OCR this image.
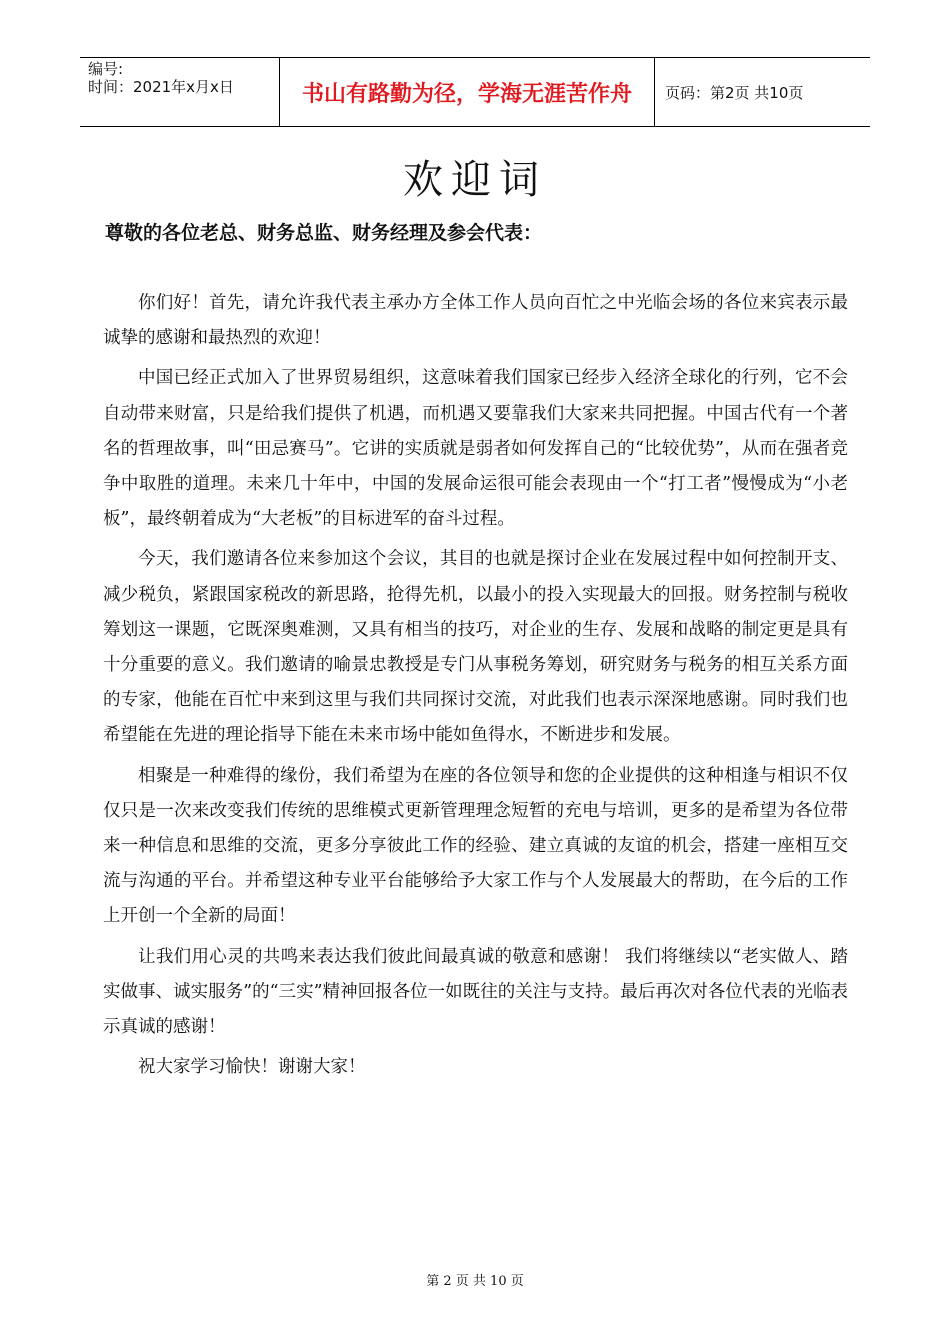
编号:
时间：2021年x月x日	书山有路勤为径，学海无涯苦作舟	页码：第2页 共10页
欢迎词
尊敬的各位老总、财务总监、财务经理及参会代表：

你们好！首先，请允许我代表主承办方全体工作人员向百忙之中光临会场的各位来宾表示最诚挚的感谢和最热烈的欢迎！

中国已经正式加入了世界贸易组织，这意味着我们国家已经步入经济全球化的行列，它不会自动带来财富，只是给我们提供了机遇，而机遇又要靠我们大家来共同把握。中国古代有一个著名的哲理故事，叫“田忌赛马”。它讲的实质就是弱者如何发挥自己的“比较优势”，从而在强者竞争中取胜的道理。未来几十年中，中国的发展命运很可能会表现由一个“打工者”慢慢成为“小老板”，最终朝着成为“大老板”的目标进军的奋斗过程。

今天，我们邀请各位来参加这个会议，其目的也就是探讨企业在发展过程中如何控制开支、减少税负，紧跟国家税改的新思路，抢得先机，以最小的投入实现最大的回报。财务控制与税收筹划这一课题，它既深奥难测，又具有相当的技巧，对企业的生存、发展和战略的制定更是具有十分重要的意义。我们邀请的喻景忠教授是专门从事税务筹划，研究财务与税务的相互关系方面的专家，他能在百忙中来到这里与我们共同探讨交流，对此我们也表示深深地感谢。同时我们也希望能在先进的理论指导下能在未来市场中能如鱼得水，不断进步和发展。

相聚是一种难得的缘份，我们希望为在座的各位领导和您的企业提供的这种相逢与相识不仅仅只是一次来改变我们传统的思维模式更新管理理念短暂的充电与培训，更多的是希望为各位带来一种信息和思维的交流，更多分享彼此工作的经验、建立真诚的友谊的机会，搭建一座相互交流与沟通的平台。并希望这种专业平台能够给予大家工作与个人发展最大的帮助，在今后的工作上开创一个全新的局面！

让我们用心灵的共鸣来表达我们彼此间最真诚的敬意和感谢！ 我们将继续以“老实做人、踏实做事、诚实服务”的“三实”精神回报各位一如既往的关注与支持。最后再次对各位代表的光临表示真诚的感谢！

祝大家学习愉快！谢谢大家！

第 2 页 共 10 页
